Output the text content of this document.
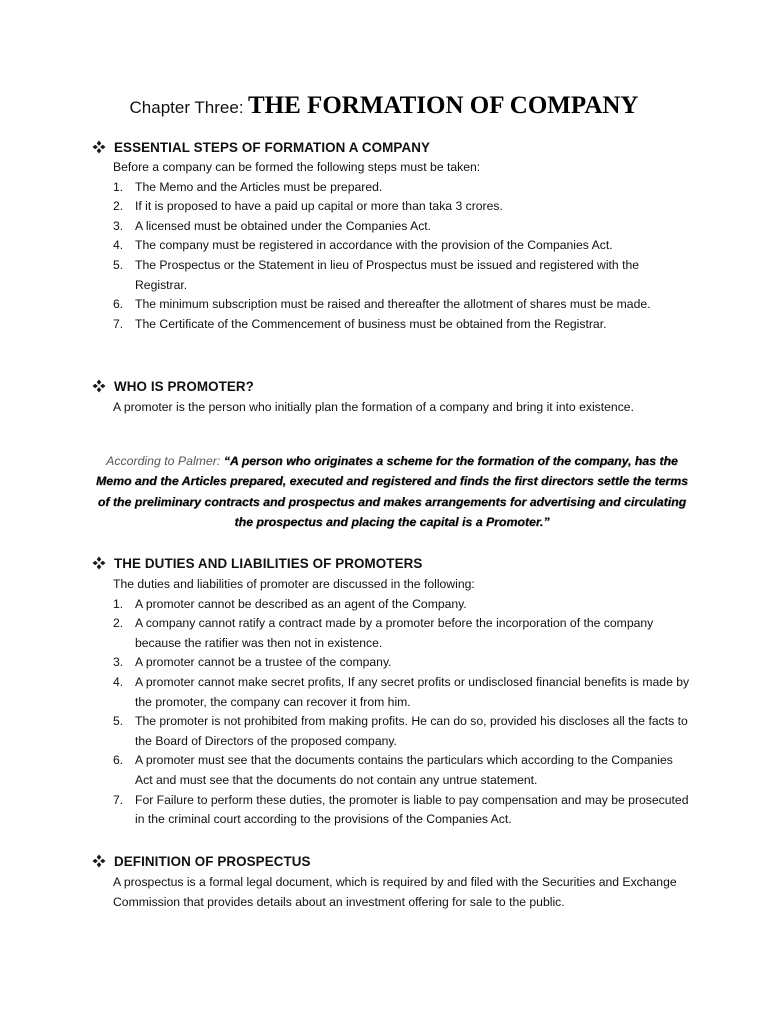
Chapter Three: THE FORMATION OF COMPANY
ESSENTIAL STEPS OF FORMATION A COMPANY
Before a company can be formed the following steps must be taken:
1. The Memo and the Articles must be prepared.
2. If it is proposed to have a paid up capital or more than taka 3 crores.
3. A licensed must be obtained under the Companies Act.
4. The company must be registered in accordance with the provision of the Companies Act.
5. The Prospectus or the Statement in lieu of Prospectus must be issued and registered with the Registrar.
6. The minimum subscription must be raised and thereafter the allotment of shares must be made.
7. The Certificate of the Commencement of business must be obtained from the Registrar.
WHO IS PROMOTER?
A promoter is the person who initially plan the formation of a company and bring it into existence.
According to Palmer: “A person who originates a scheme for the formation of the company, has the Memo and the Articles prepared, executed and registered and finds the first directors settle the terms of the preliminary contracts and prospectus and makes arrangements for advertising and circulating the prospectus and placing the capital is a Promoter.”
THE DUTIES AND LIABILITIES OF PROMOTERS
The duties and liabilities of promoter are discussed in the following:
1. A promoter cannot be described as an agent of the Company.
2. A company cannot ratify a contract made by a promoter before the incorporation of the company because the ratifier was then not in existence.
3. A promoter cannot be a trustee of the company.
4. A promoter cannot make secret profits, If any secret profits or undisclosed financial benefits is made by the promoter, the company can recover it from him.
5. The promoter is not prohibited from making profits. He can do so, provided his discloses all the facts to the Board of Directors of the proposed company.
6. A promoter must see that the documents contains the particulars which according to the Companies Act and must see that the documents do not contain any untrue statement.
7. For Failure to perform these duties, the promoter is liable to pay compensation and may be prosecuted in the criminal court according to the provisions of the Companies Act.
DEFINITION OF PROSPECTUS
A prospectus is a formal legal document, which is required by and filed with the Securities and Exchange Commission that provides details about an investment offering for sale to the public.
